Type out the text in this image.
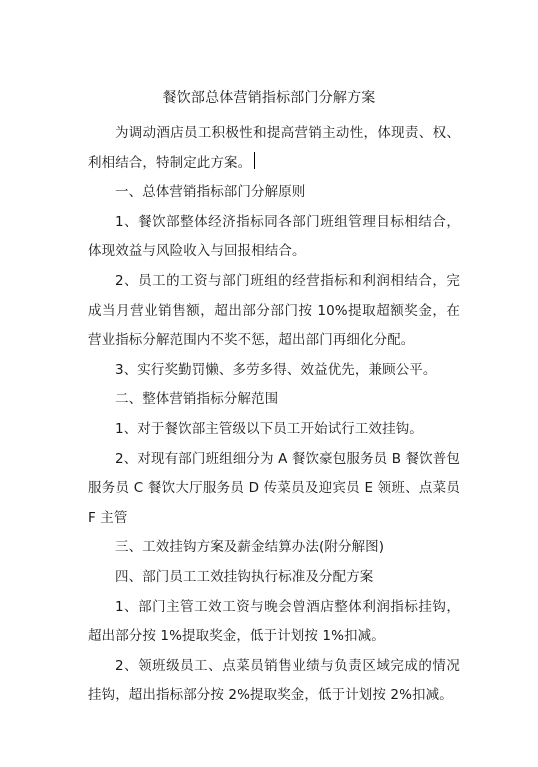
餐饮部总体营销指标部门分解方案

为调动酒店员工积极性和提高营销主动性，体现责、权、利相结合，特制定此方案。

一、总体营销指标部门分解原则

1、餐饮部整体经济指标同各部门班组管理目标相结合，体现效益与风险收入与回报相结合。

2、员工的工资与部门班组的经营指标和利润相结合，完成当月营业销售额，超出部分部门按 10%提取超额奖金，在营业指标分解范围内不奖不惩，超出部门再细化分配。

3、实行奖勤罚懒、多劳多得、效益优先，兼顾公平。

二、整体营销指标分解范围

1、对于餐饮部主管级以下员工开始试行工效挂钩。

2、对现有部门班组细分为 A 餐饮豪包服务员 B 餐饮普包服务员 C 餐饮大厅服务员 D 传菜员及迎宾员 E 领班、点菜员 F 主管

三、工效挂钩方案及薪金结算办法(附分解图)

四、部门员工工效挂钩执行标准及分配方案

1、部门主管工效工资与晚会曾酒店整体利润指标挂钩，超出部分按 1%提取奖金，低于计划按 1%扣减。

2、领班级员工、点菜员销售业绩与负责区域完成的情况挂钩，超出指标部分按 2%提取奖金，低于计划按 2%扣减。
